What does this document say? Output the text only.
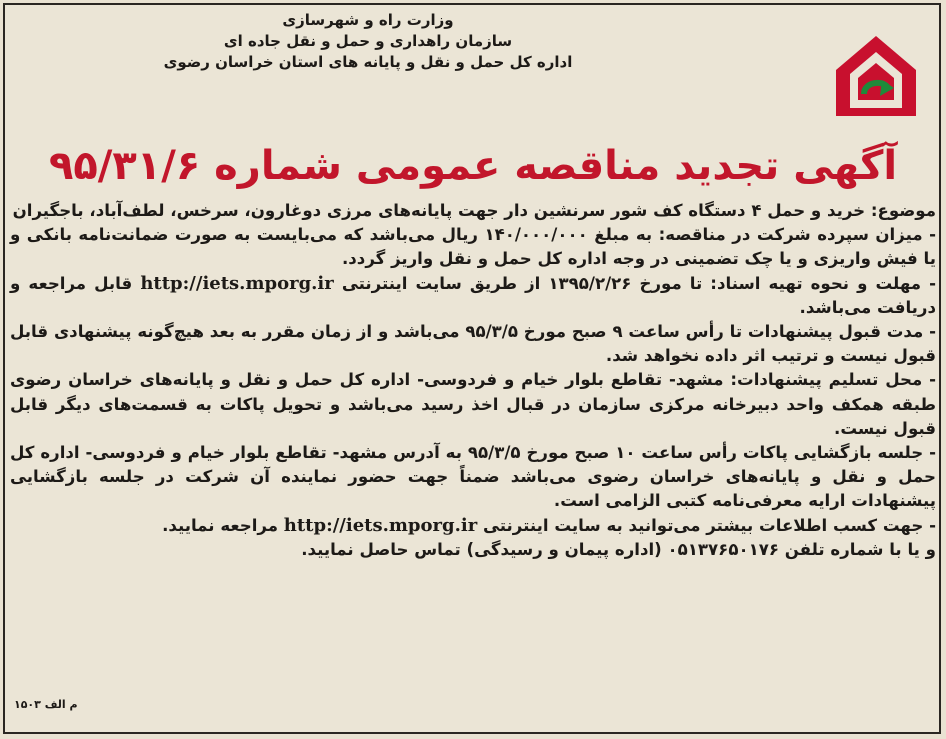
وزارت راه و شهرسازی
سازمان راهداری و حمل و نقل جاده ای
اداره کل حمل و نقل و پایانه های استان خراسان رضوی
آگهی تجدید مناقصه عمومی شماره ۹۵/۳۱/۶

موضوع: خرید و حمل ۴ دستگاه کف شور سرنشین دار جهت پایانه‌های مرزی دوغارون، سرخس، لطف‌آباد، باجگیران

- میزان سپرده شرکت در مناقصه: به مبلغ ۱۴۰/۰۰۰/۰۰۰ ریال می‌باشد که می‌بایست به صورت ضمانت‌نامه بانکی و یا فیش واریزی و یا چک تضمینی در وجه اداره کل حمل و نقل واریز گردد.

- مهلت و نحوه تهیه اسناد: تا مورخ ۱۳۹۵/۲/۲۶ از طریق سایت اینترنتی http://iets.mporg.ir قابل مراجعه و دریافت می‌باشد.

- مدت قبول پیشنهادات تا رأس ساعت ۹ صبح مورخ ۹۵/۳/۵ می‌باشد و از زمان مقرر به بعد هیچ‌گونه پیشنهادی قابل قبول نیست و ترتیب اثر داده نخواهد شد.

- محل تسلیم پیشنهادات: مشهد- تقاطع بلوار خیام و فردوسی- اداره کل حمل و نقل و پایانه‌های خراسان رضوی طبقه همکف واحد دبیرخانه مرکزی سازمان در قبال اخذ رسید می‌باشد و تحویل پاکات به قسمت‌های دیگر قابل قبول نیست.

- جلسه بازگشایی پاکات رأس ساعت ۱۰ صبح مورخ ۹۵/۳/۵ به آدرس مشهد- تقاطع بلوار خیام و فردوسی- اداره کل حمل و نقل و پایانه‌های خراسان رضوی می‌باشد ضمناً جهت حضور نماینده آن شرکت در جلسه بازگشایی پیشنهادات ارایه معرفی‌نامه کتبی الزامی است.

- جهت کسب اطلاعات بیشتر می‌توانید به سایت اینترنتی http://iets.mporg.ir مراجعه نمایید.

و یا با شماره تلفن ۰۵۱۳۷۶۵۰۱۷۶ (اداره پیمان و رسیدگی) تماس حاصل نمایید.

م الف ۱۵۰۳
